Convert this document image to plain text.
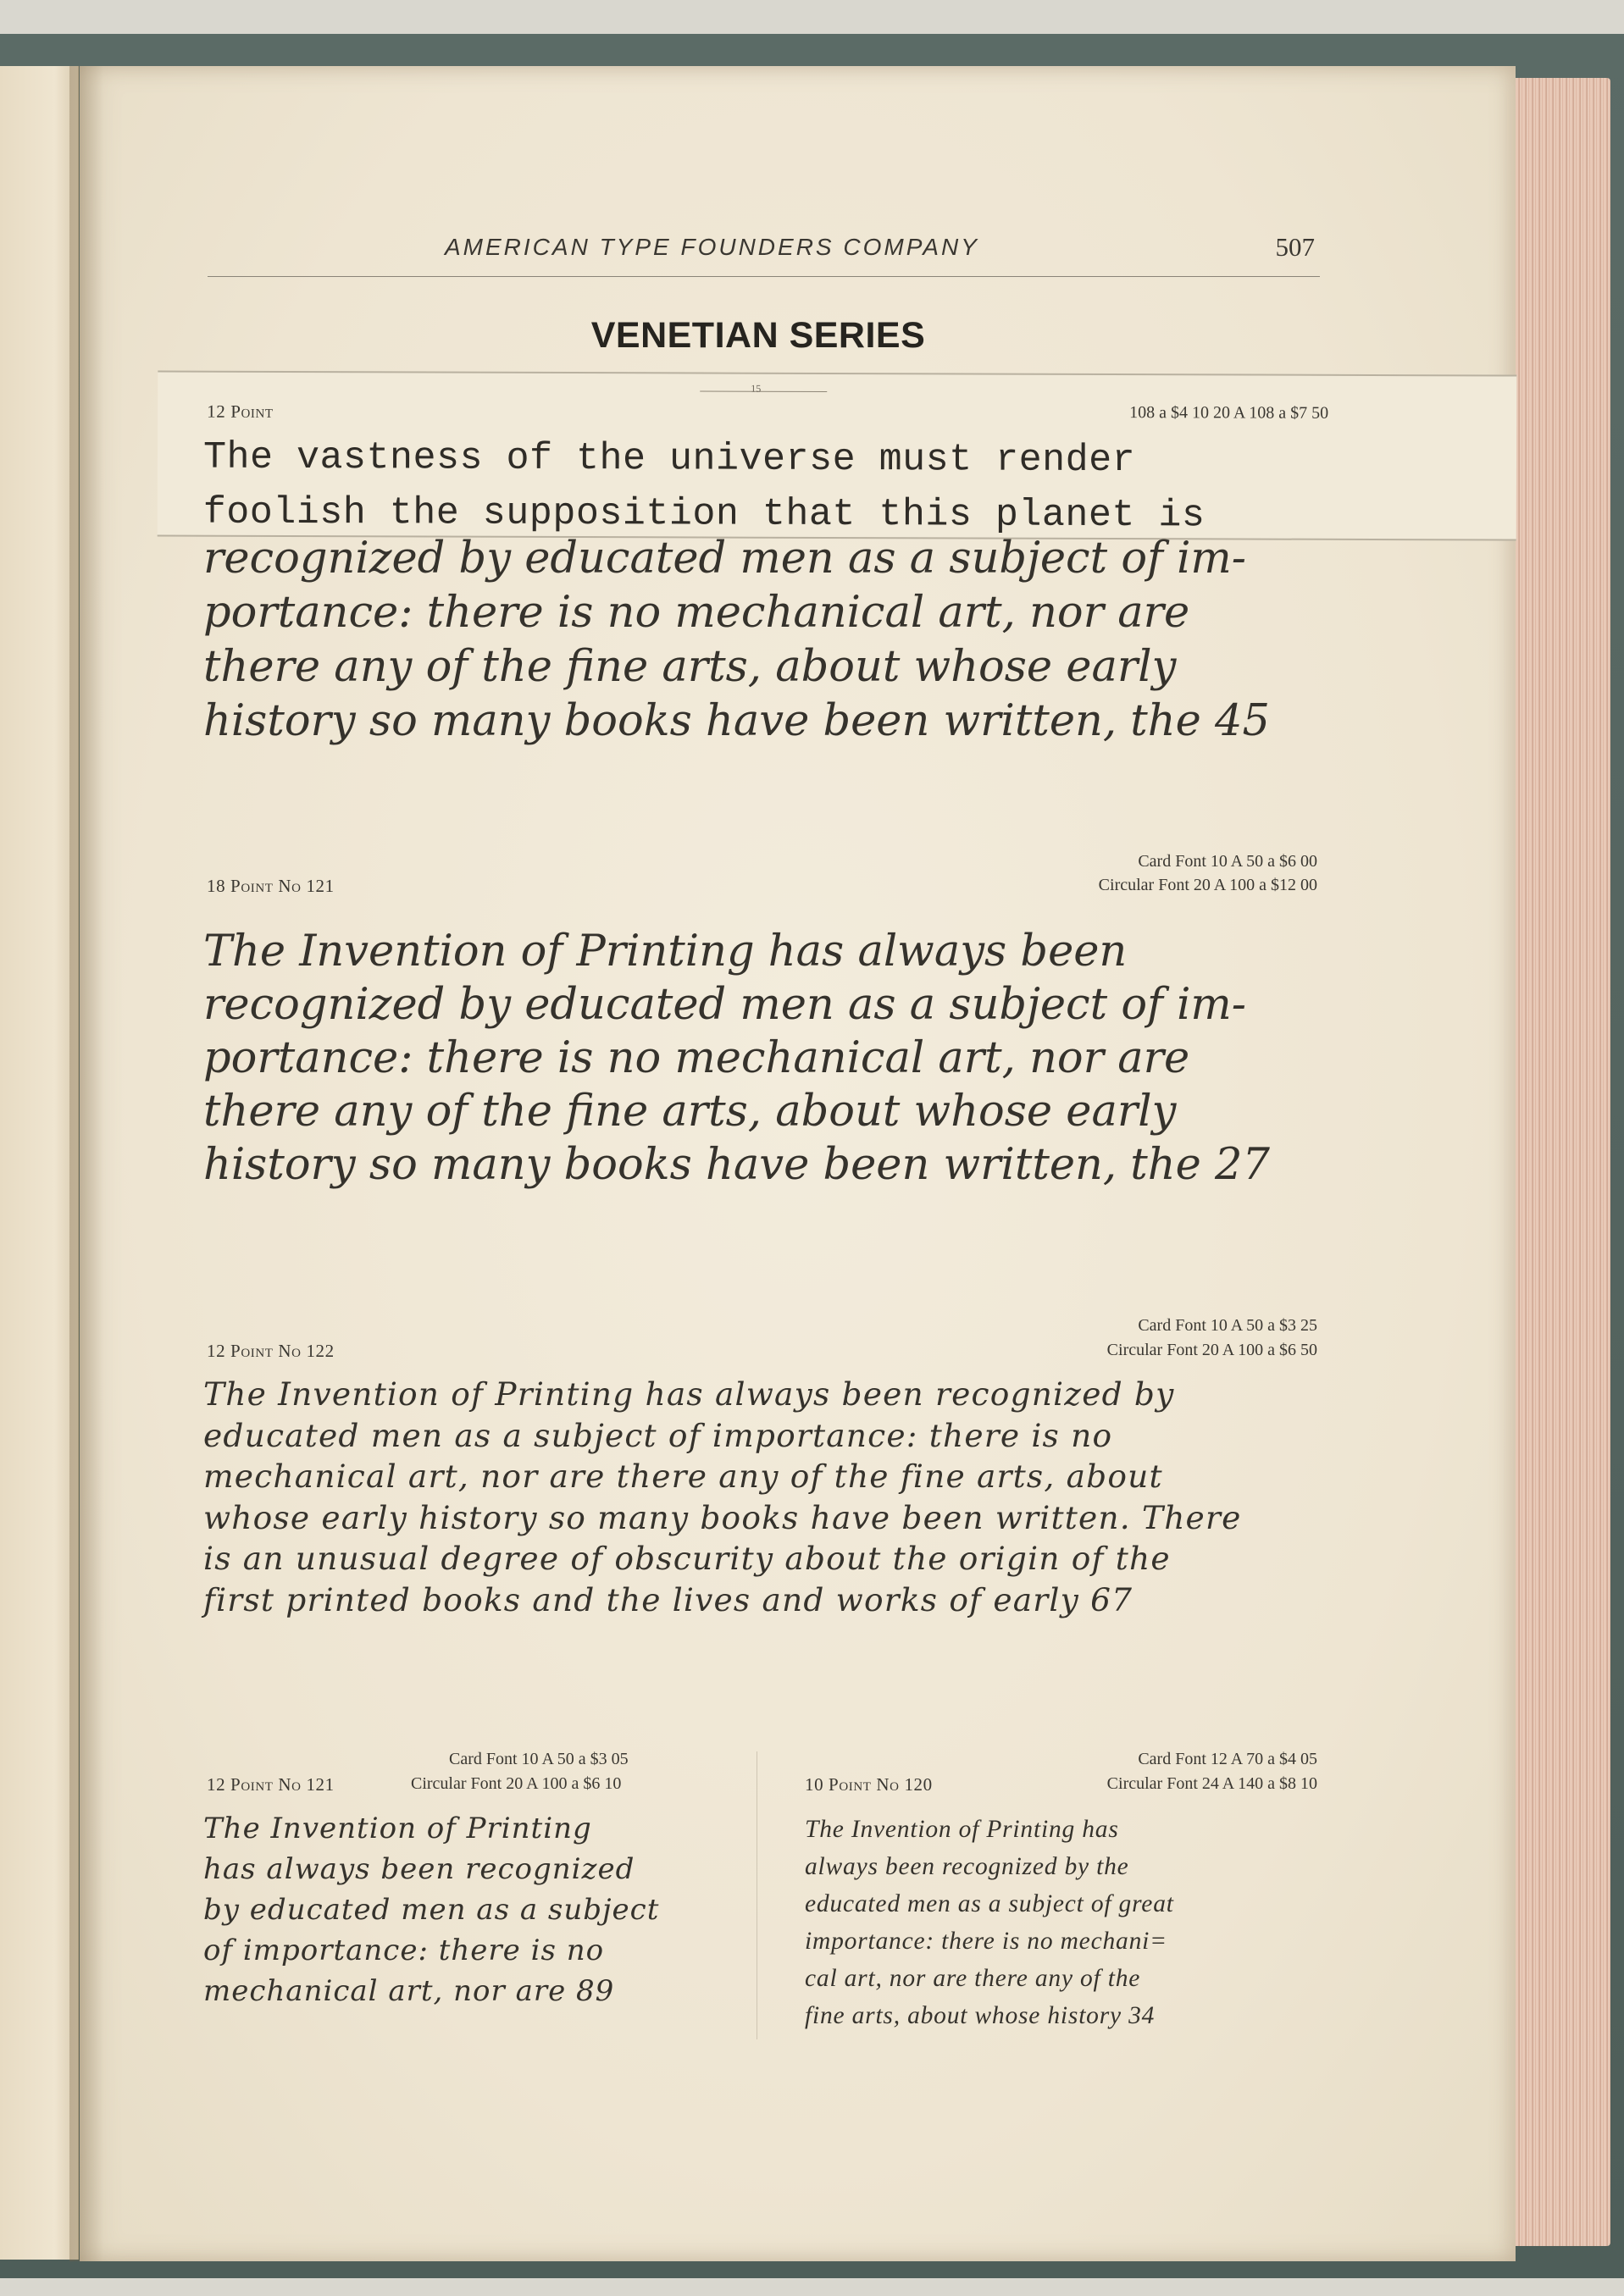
AMERICAN TYPE FOUNDERS COMPANY	507
VENETIAN SERIES
15
12 Point	108 a $4 10 20 A 108 a $7 50
The vastness of the universe must render
foolish the supposition that this planet is
recognized by educated men as a subject of im-
portance: there is no mechanical art, nor are
there any of the fine arts, about whose early
history so many books have been written, the 45
Card Font 10 A 50 a $6 00
18 Point No 121	Circular Font 20 A 100 a $12 00
The Invention of Printing has always been
recognized by educated men as a subject of im-
portance: there is no mechanical art, nor are
there any of the fine arts, about whose early
history so many books have been written, the 27
Card Font 10 A 50 a $3 25
12 Point No 122	Circular Font 20 A 100 a $6 50
The Invention of Printing has always been recognized by
educated men as a subject of importance: there is no
mechanical art, nor are there any of the fine arts, about
whose early history so many books have been written. There
is an unusual degree of obscurity about the origin of the
first printed books and the lives and works of early 67
Card Font 10 A 50 a $3 05
12 Point No 121	Circular Font 20 A 100 a $6 10
The Invention of Printing
has always been recognized
by educated men as a subject
of importance: there is no
mechanical art, nor are 89
Card Font 12 A 70 a $4 05
10 Point No 120	Circular Font 24 A 140 a $8 10
The Invention of Printing has
always been recognized by the
educated men as a subject of great
importance: there is no mechani=
cal art, nor are there any of the
fine arts, about whose history 34
